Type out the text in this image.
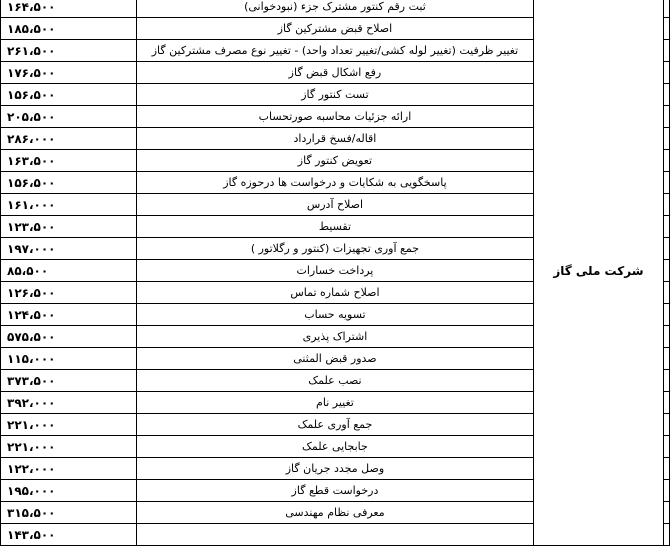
	شرکت ملی گاز	ثبت رقم کنتور مشترک جزء (نبودخوانی)	۱۶۴،۵۰۰
		اصلاح قبض مشترکین گاز	۱۸۵،۵۰۰
		تغییر ظرفیت (تغییر لوله کشی/تغییر تعداد واحد) - تغییر نوع مصرف مشترکین گاز	۲۶۱،۵۰۰
		رفع اشکال قبض گاز	۱۷۶،۵۰۰
		تست کنتور گاز	۱۵۶،۵۰۰
		ارائه جزئیات محاسبه صورتحساب	۲۰۵،۵۰۰
		اقاله/فسخ قرارداد	۲۸۶،۰۰۰
		تعویض کنتور گاز	۱۶۳،۵۰۰
		پاسخگویی به شکایات و درخواست ها درحوزه گاز	۱۵۶،۵۰۰
		اصلاح آدرس	۱۶۱،۰۰۰
		تقسیط	۱۲۳،۵۰۰
		جمع آوری تجهیزات (کنتور و رگلاتور )	۱۹۷،۰۰۰
		پرداخت خسارات	۸۵،۵۰۰
		اصلاح شماره تماس	۱۲۶،۵۰۰
		تسویه حساب	۱۲۴،۵۰۰
		اشتراک پذیری	۵۷۵،۵۰۰
		صدور قبض المثنی	۱۱۵،۰۰۰
		نصب علمک	۳۷۳،۵۰۰
		تغییر نام	۳۹۲،۰۰۰
		جمع آوری علمک	۲۲۱،۰۰۰
		جابجایی علمک	۲۲۱،۰۰۰
		وصل مجدد جریان گاز	۱۲۲،۰۰۰
		درخواست قطع گاز	۱۹۵،۰۰۰
		معرفی نظام مهندسی	۳۱۵،۵۰۰
			۱۴۳،۵۰۰
